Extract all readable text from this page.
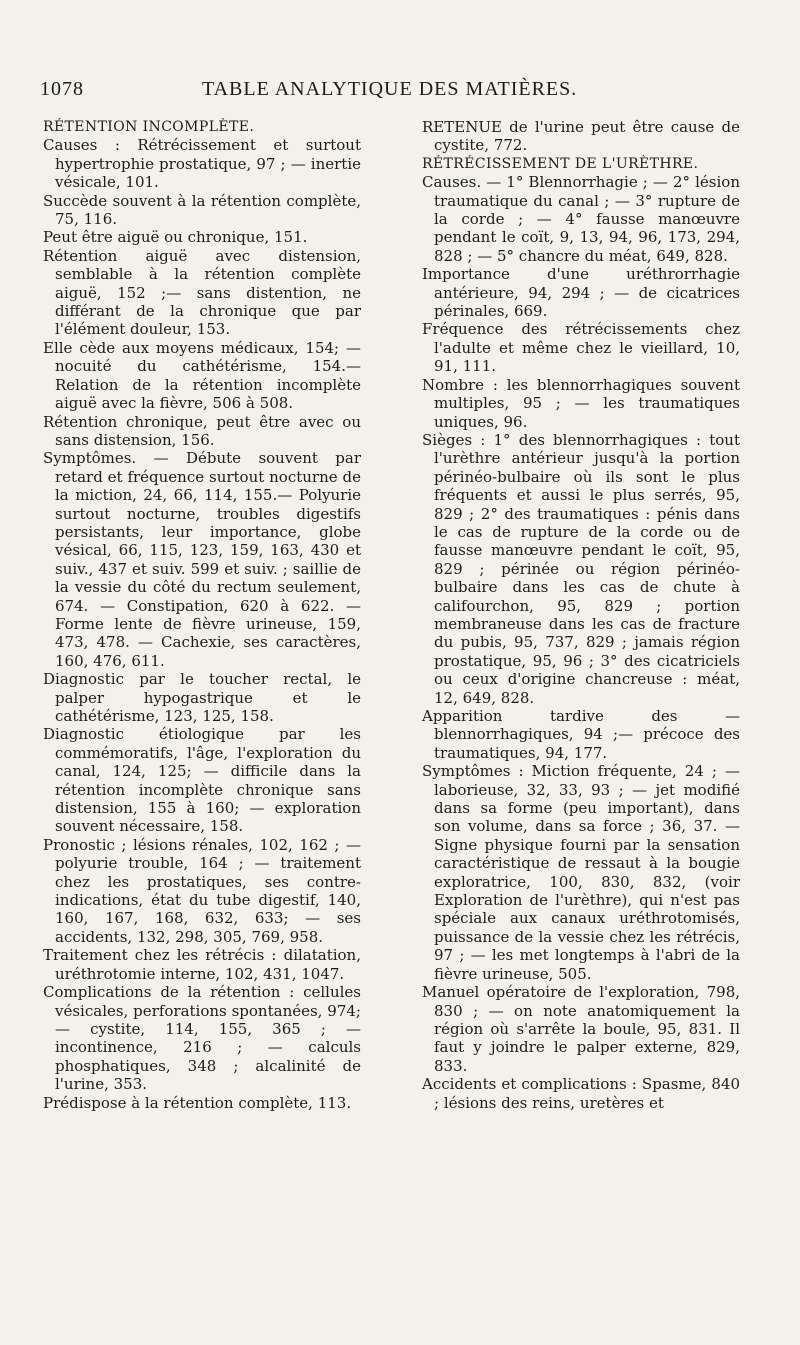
1078	TABLE ANALYTIQUE DES MATIÈRES.

RÉTENTION INCOMPLÈTE.

Causes : Rétrécissement et surtout hypertrophie prostatique, 97 ; — inertie vésicale, 101.

Succède souvent à la rétention complète, 75, 116.

Peut être aiguë ou chronique, 151.

Rétention aiguë avec distension, semblable à la rétention complète aiguë, 152 ;— sans distention, ne différant de la chronique que par l'élément douleur, 153.

Elle cède aux moyens médicaux, 154; — nocuité du cathétérisme, 154.— Relation de la rétention incomplète aiguë avec la fièvre, 506 à 508.

Rétention chronique, peut être avec ou sans distension, 156.

Symptômes. — Débute souvent par retard et fréquence surtout nocturne de la miction, 24, 66, 114, 155.— Polyurie surtout nocturne, troubles digestifs persistants, leur importance, globe vésical, 66, 115, 123, 159, 163, 430 et suiv., 437 et suiv. 599 et suiv. ; saillie de la vessie du côté du rectum seulement, 674. — Constipation, 620 à 622. — Forme lente de fièvre urineuse, 159, 473, 478. — Cachexie, ses caractères, 160, 476, 611.

Diagnostic par le toucher rectal, le palper hypogastrique et le cathétérisme, 123, 125, 158.

Diagnostic étiologique par les commémoratifs, l'âge, l'exploration du canal, 124, 125; — difficile dans la rétention incomplète chronique sans distension, 155 à 160; — exploration souvent nécessaire, 158.

Pronostic ; lésions rénales, 102, 162 ; — polyurie trouble, 164 ; — traitement chez les prostatiques, ses contre-indications, état du tube digestif, 140, 160, 167, 168, 632, 633; — ses accidents, 132, 298, 305, 769, 958.

Traitement chez les rétrécis : dilatation, uréthrotomie interne, 102, 431, 1047.

Complications de la rétention : cellules vésicales, perforations spontanées, 974; — cystite, 114, 155, 365 ; — incontinence, 216 ; — calculs phosphatiques, 348 ; alcalinité de l'urine, 353.

Prédispose à la rétention complète, 113.

RETENUE de l'urine peut être cause de cystite, 772.

RÉTRÉCISSEMENT DE L'URÈTHRE.

Causes. — 1° Blennorrhagie ; — 2° lésion traumatique du canal ; — 3° rupture de la corde ; — 4° fausse manœuvre pendant le coït, 9, 13, 94, 96, 173, 294, 828 ; — 5° chancre du méat, 649, 828.

Importance d'une uréthrorrhagie antérieure, 94, 294 ; — de cicatrices périnales, 669.

Fréquence des rétrécissements chez l'adulte et même chez le vieillard, 10, 91, 111.

Nombre : les blennorrhagiques souvent multiples, 95 ; — les traumatiques uniques, 96.

Sièges : 1° des blennorrhagiques : tout l'urèthre antérieur jusqu'à la portion périnéo-bulbaire où ils sont le plus fréquents et aussi le plus serrés, 95, 829 ; 2° des traumatiques : pénis dans le cas de rupture de la corde ou de fausse manœuvre pendant le coït, 95, 829 ; périnée ou région périnéo-bulbaire dans les cas de chute à califourchon, 95, 829 ; portion membraneuse dans les cas de fracture du pubis, 95, 737, 829 ; jamais région prostatique, 95, 96 ; 3° des cicatriciels ou ceux d'origine chancreuse : méat, 12, 649, 828.

Apparition tardive des —blennorrhagiques, 94 ;— précoce des traumatiques, 94, 177.

Symptômes : Miction fréquente, 24 ; — laborieuse, 32, 33, 93 ; — jet modifié dans sa forme (peu important), dans son volume, dans sa force ; 36, 37. — Signe physique fourni par la sensation caractéristique de ressaut à la bougie exploratrice, 100, 830, 832, (voir Exploration de l'urèthre), qui n'est pas spéciale aux canaux uréthrotomisés, puissance de la vessie chez les rétrécis, 97 ; — les met longtemps à l'abri de la fièvre urineuse, 505.

Manuel opératoire de l'exploration, 798, 830 ; — on note anatomiquement la région où s'arrête la boule, 95, 831. Il faut y joindre le palper externe, 829, 833.

Accidents et complications : Spasme, 840 ; lésions des reins, uretères et
